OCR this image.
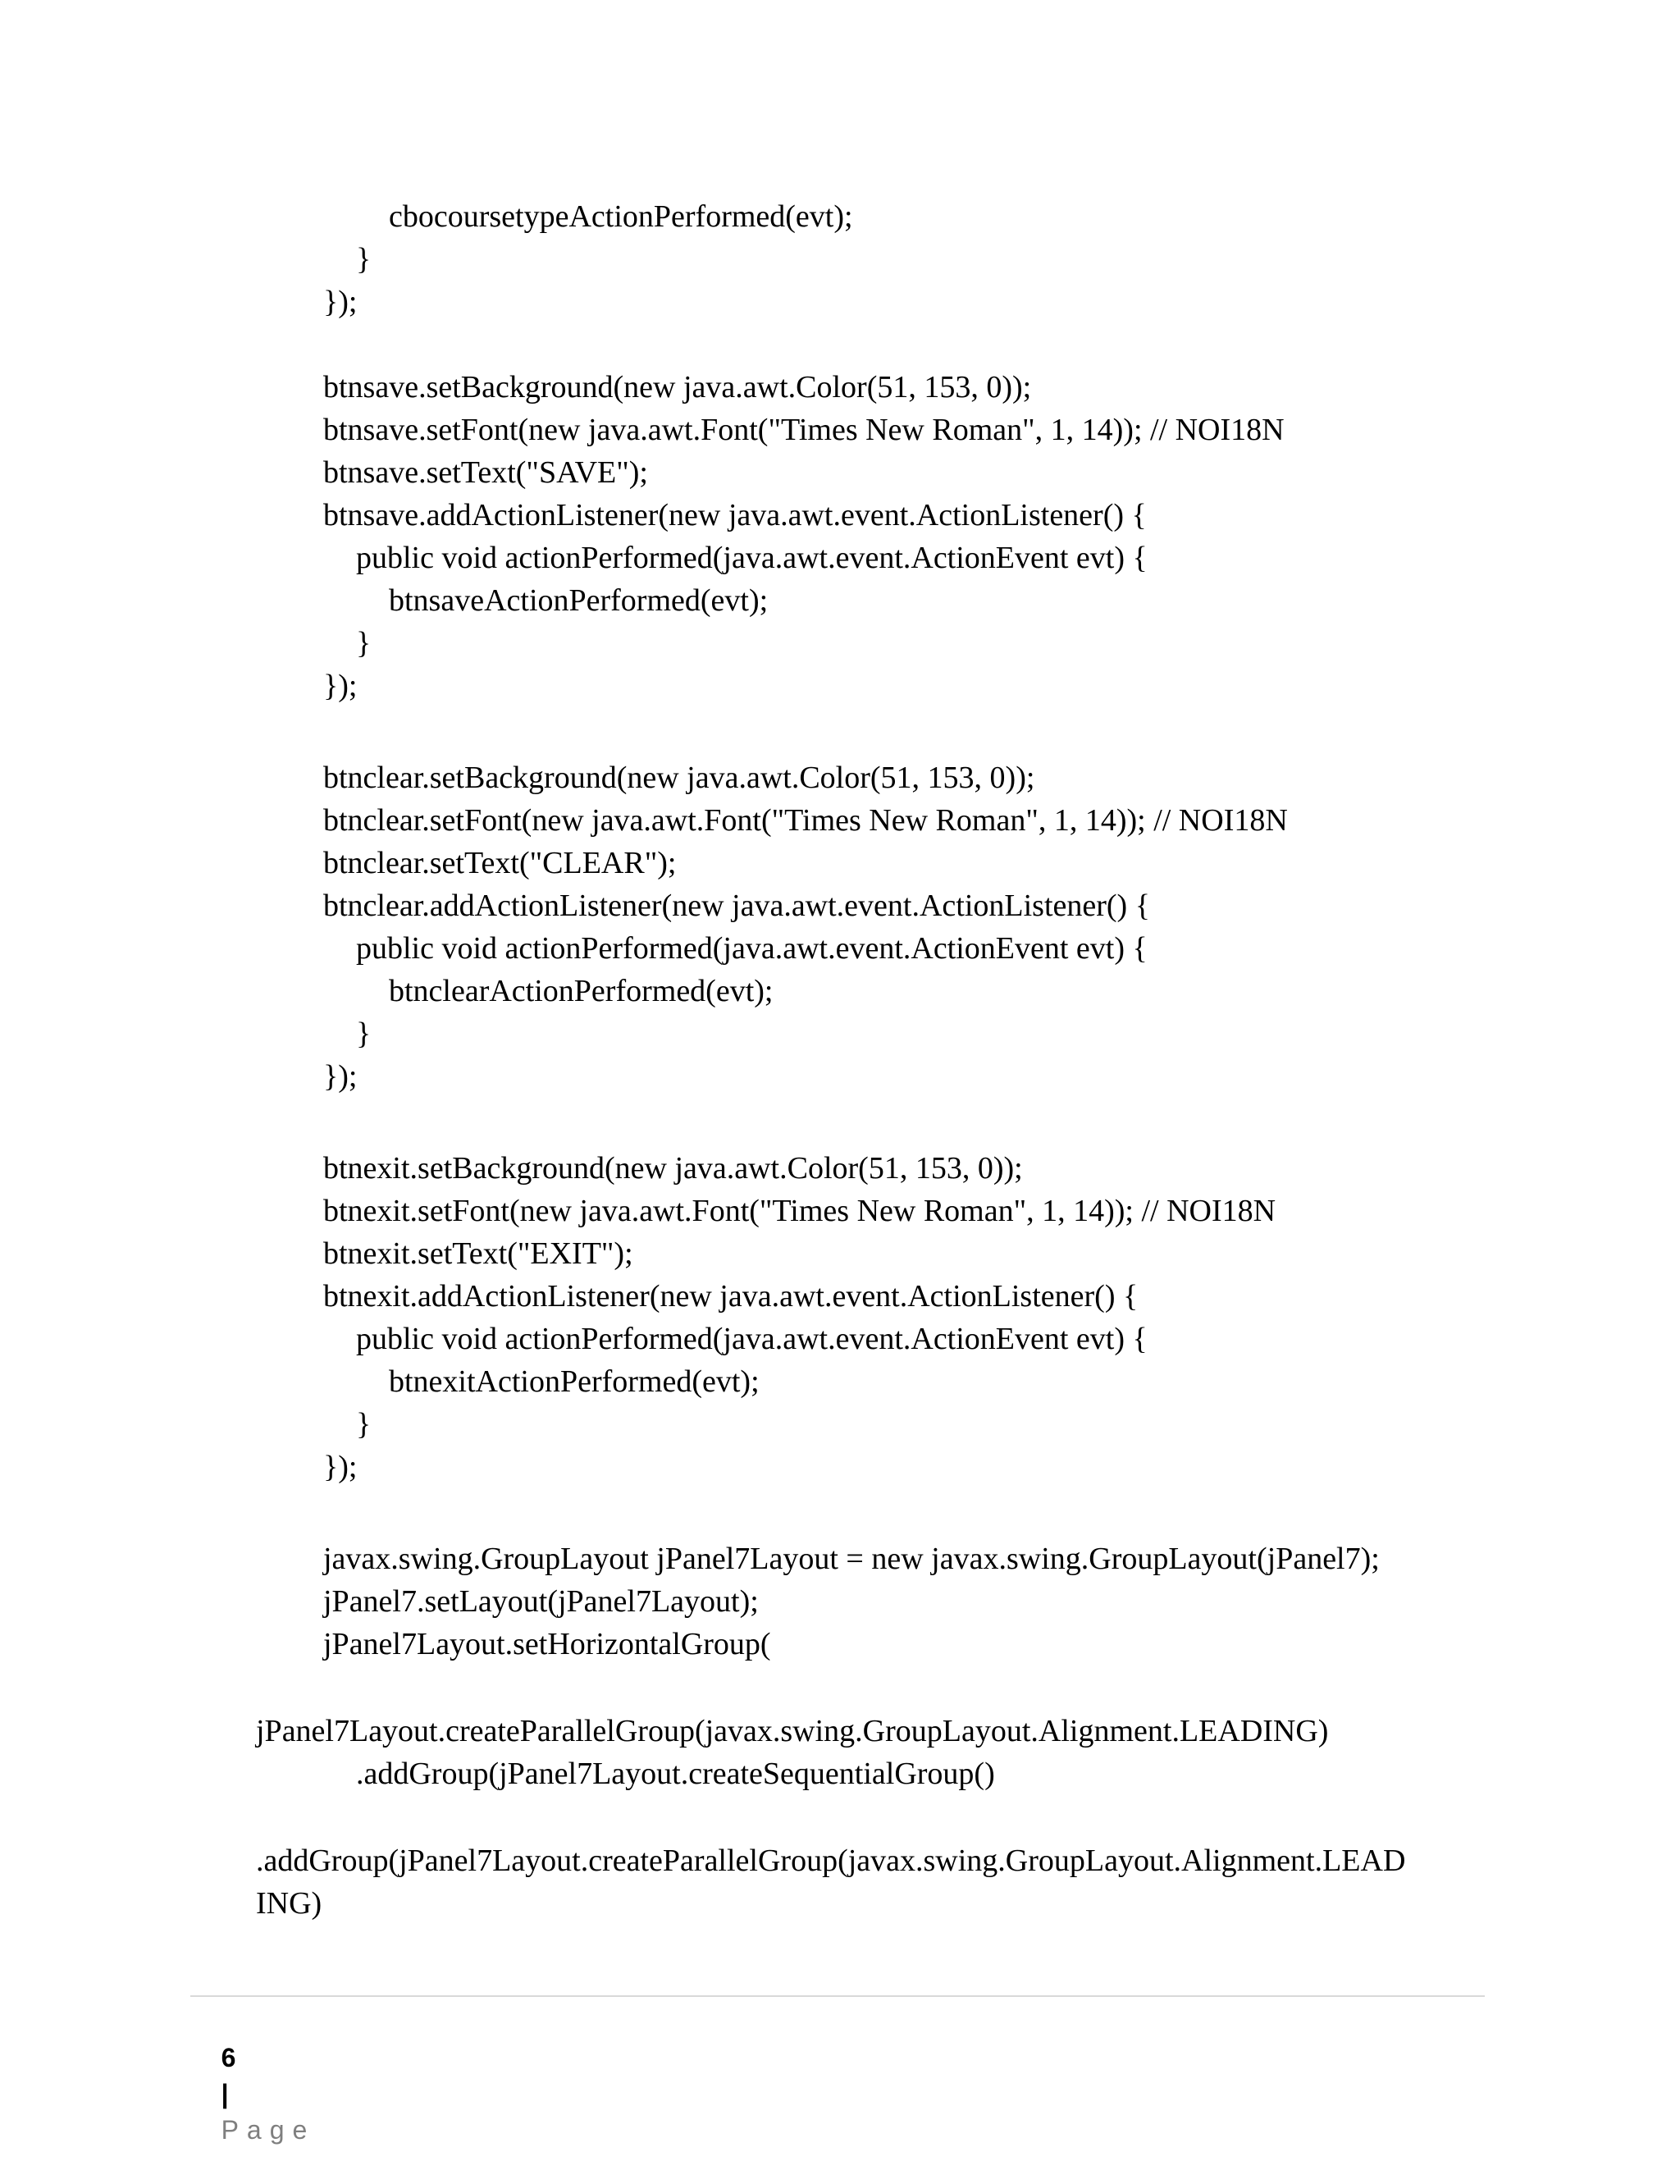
cbocoursetypeActionPerformed(evt);

}

});

btnsave.setBackground(new java.awt.Color(51, 153, 0));

btnsave.setFont(new java.awt.Font("Times New Roman", 1, 14)); // NOI18N

btnsave.setText("SAVE");

btnsave.addActionListener(new java.awt.event.ActionListener() {

public void actionPerformed(java.awt.event.ActionEvent evt) {

btnsaveActionPerformed(evt);

}

});

btnclear.setBackground(new java.awt.Color(51, 153, 0));

btnclear.setFont(new java.awt.Font("Times New Roman", 1, 14)); // NOI18N

btnclear.setText("CLEAR");

btnclear.addActionListener(new java.awt.event.ActionListener() {

public void actionPerformed(java.awt.event.ActionEvent evt) {

btnclearActionPerformed(evt);

}

});

btnexit.setBackground(new java.awt.Color(51, 153, 0));

btnexit.setFont(new java.awt.Font("Times New Roman", 1, 14)); // NOI18N

btnexit.setText("EXIT");

btnexit.addActionListener(new java.awt.event.ActionListener() {

public void actionPerformed(java.awt.event.ActionEvent evt) {

btnexitActionPerformed(evt);

}

});

javax.swing.GroupLayout jPanel7Layout = new javax.swing.GroupLayout(jPanel7);

jPanel7.setLayout(jPanel7Layout);

jPanel7Layout.setHorizontalGroup(

jPanel7Layout.createParallelGroup(javax.swing.GroupLayout.Alignment.LEADING)

.addGroup(jPanel7Layout.createSequentialGroup()

.addGroup(jPanel7Layout.createParallelGroup(javax.swing.GroupLayout.Alignment.LEAD

ING)

6
|
Page
